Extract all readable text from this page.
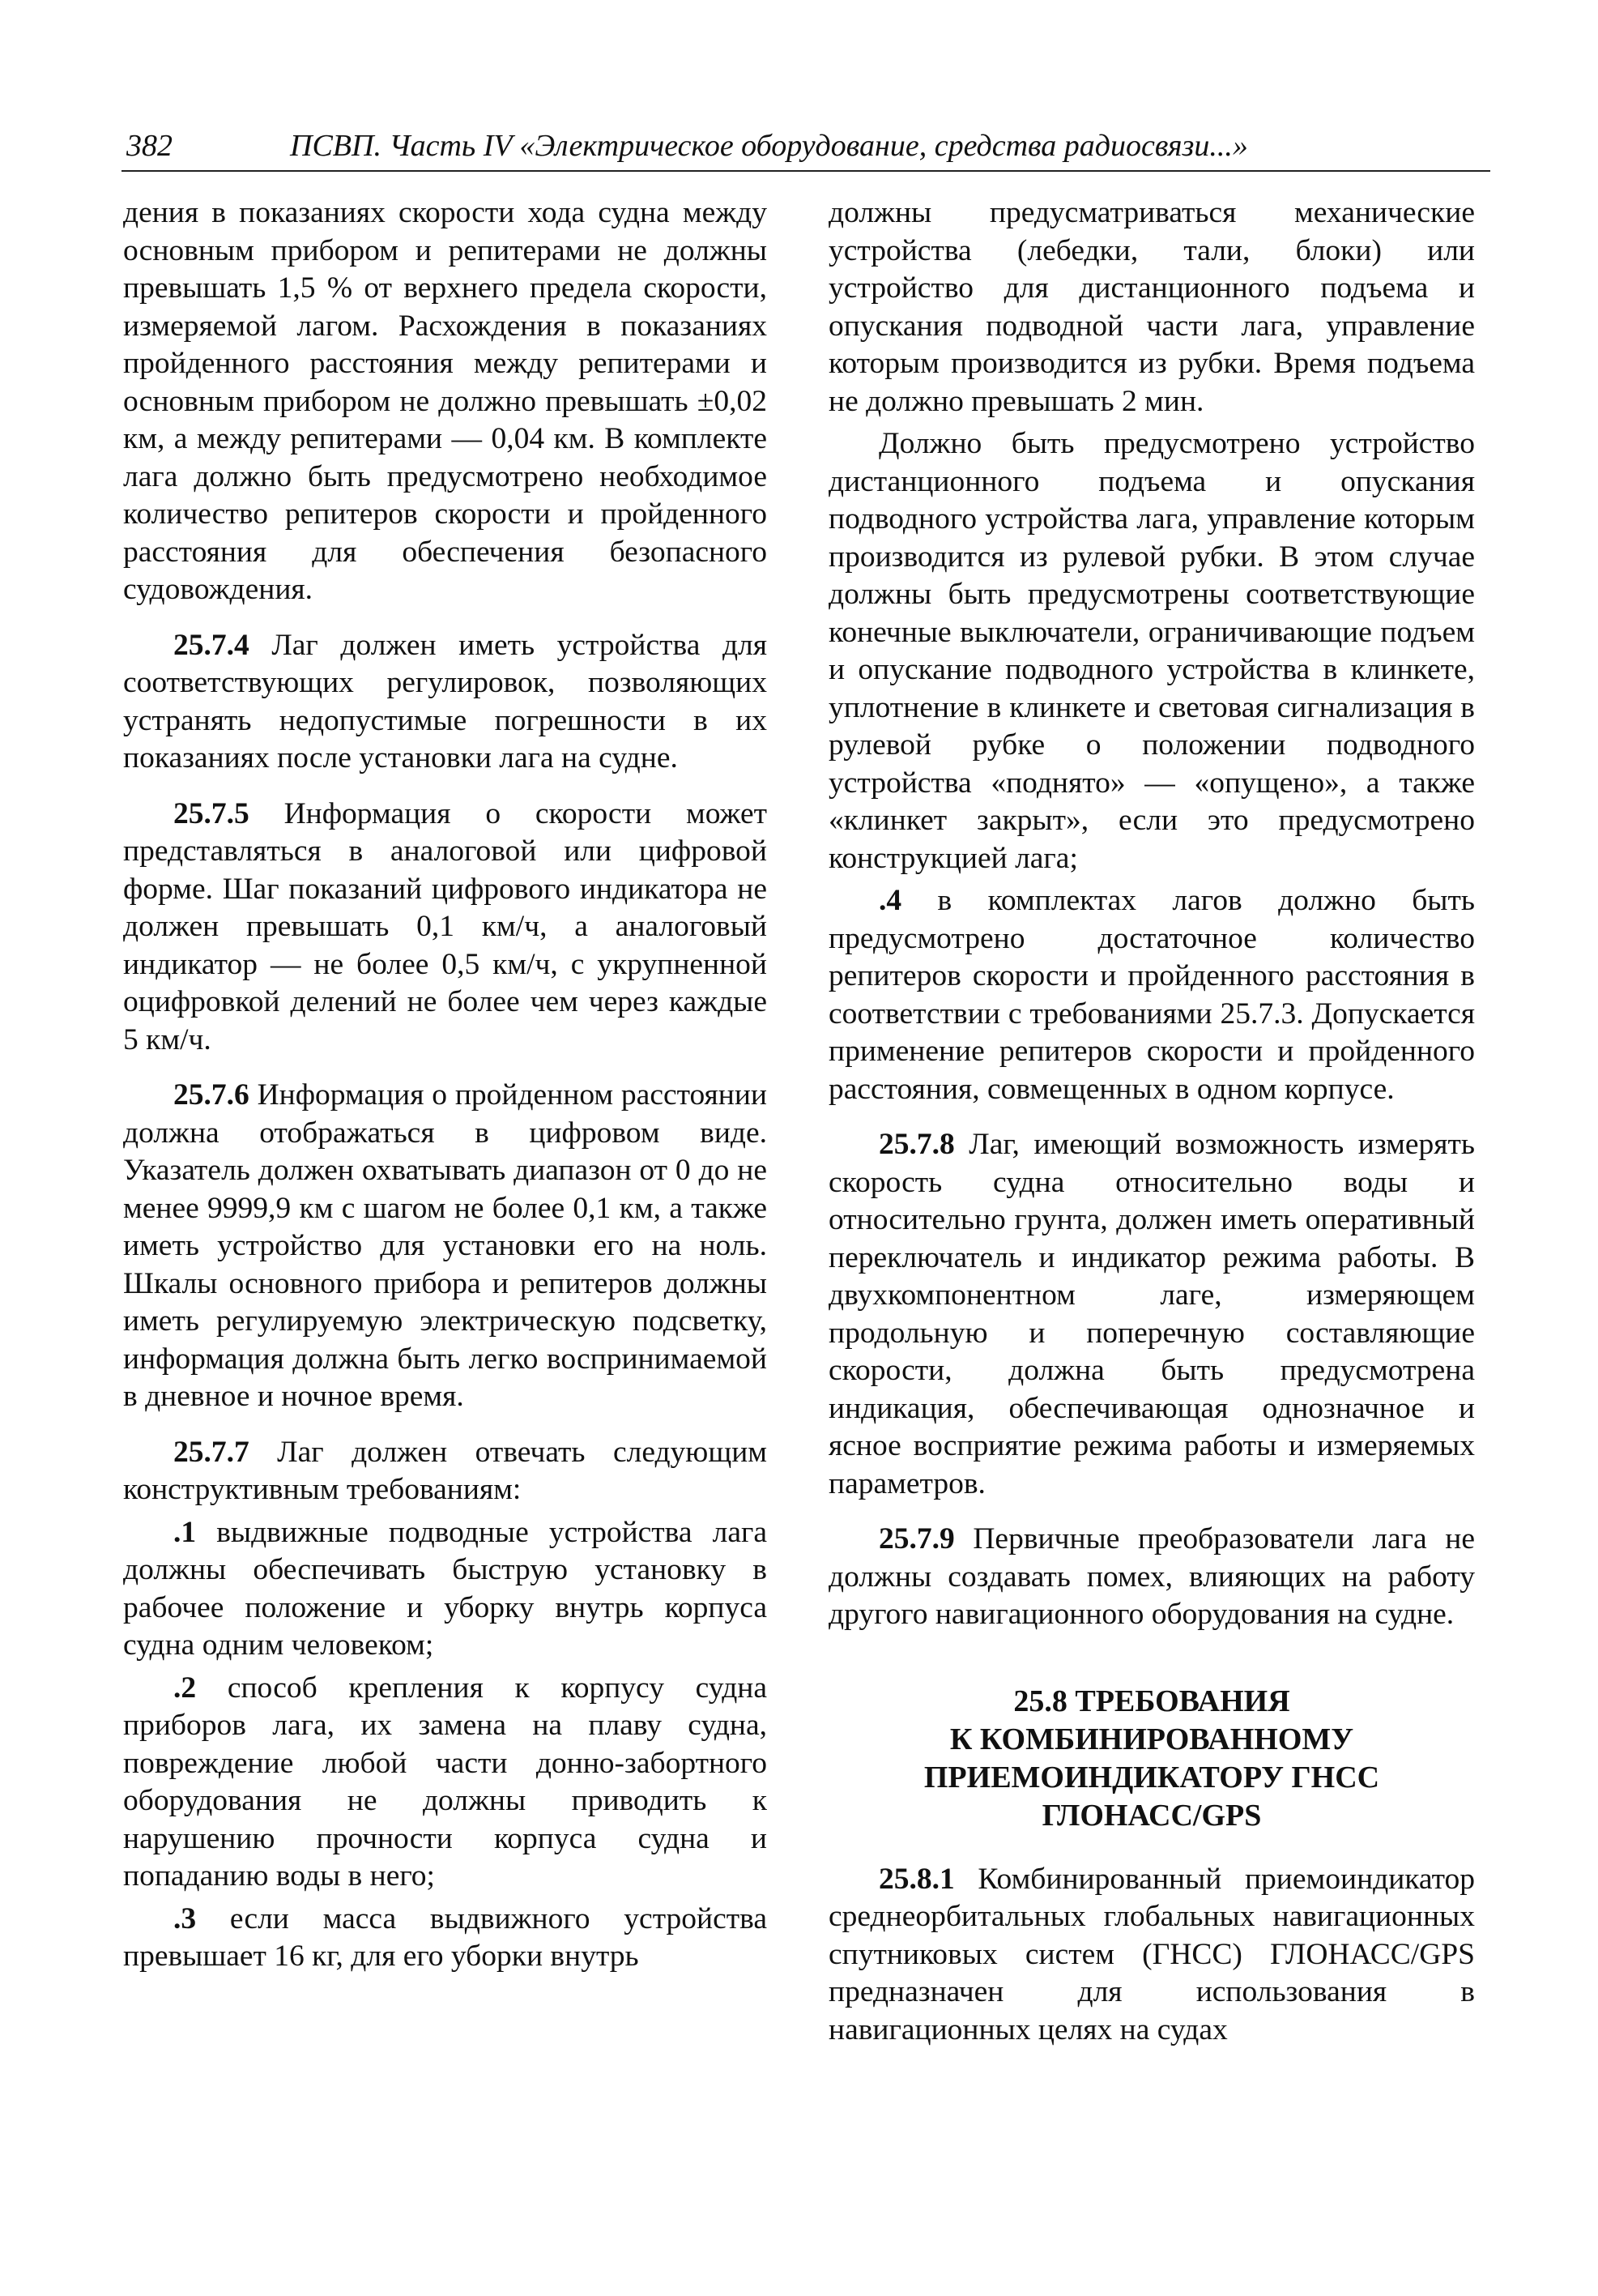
382	ПСВП. Часть IV «Электрическое оборудование, средства радиосвязи...»

дения в показаниях скорости хода судна между основным прибором и репитерами не должны превышать 1,5 % от верхнего предела скорости, измеряемой лагом. Расхождения в показаниях пройденного расстояния между репитерами и основным прибором не должно превышать ±0,02 км, а между репитерами — 0,04 км. В комплекте лага должно быть предусмотрено необходимое количество репитеров скорости и пройденного расстояния для обеспечения безопасного судовождения.

25.7.4 Лаг должен иметь устройства для соответствующих регулировок, позволяющих устранять недопустимые погрешности в их показаниях после установки лага на судне.

25.7.5 Информация о скорости может представляться в аналоговой или цифровой форме. Шаг показаний цифрового индикатора не должен превышать 0,1 км/ч, а аналоговый индикатор — не более 0,5 км/ч, с укрупненной оцифровкой делений не более чем через каждые 5 км/ч.

25.7.6 Информация о пройденном расстоянии должна отображаться в цифровом виде. Указатель должен охватывать диапазон от 0 до не менее 9999,9 км с шагом не более 0,1 км, а также иметь устройство для установки его на ноль. Шкалы основного прибора и репитеров должны иметь регулируемую электрическую подсветку, информация должна быть легко воспринимаемой в дневное и ночное время.

25.7.7 Лаг должен отвечать следующим конструктивным требованиям:

.1 выдвижные подводные устройства лага должны обеспечивать быструю установку в рабочее положение и уборку внутрь корпуса судна одним человеком;

.2 способ крепления к корпусу судна приборов лага, их замена на плаву судна, повреждение любой части донно-забортного оборудования не должны приводить к нарушению прочности корпуса судна и попаданию воды в него;

.3 если масса выдвижного устройства превышает 16 кг, для его уборки внутрь

должны предусматриваться механические устройства (лебедки, тали, блоки) или устройство для дистанционного подъема и опускания подводной части лага, управление которым производится из рубки. Время подъема не должно превышать 2 мин.

Должно быть предусмотрено устройство дистанционного подъема и опускания подводного устройства лага, управление которым производится из рулевой рубки. В этом случае должны быть предусмотрены соответствующие конечные выключатели, ограничивающие подъем и опускание подводного устройства в клинкете, уплотнение в клинкете и световая сигнализация в рулевой рубке о положении подводного устройства «поднято» — «опущено», а также «клинкет закрыт», если это предусмотрено конструкцией лага;

.4 в комплектах лагов должно быть предусмотрено достаточное количество репитеров скорости и пройденного расстояния в соответствии с требованиями 25.7.3. Допускается применение репитеров скорости и пройденного расстояния, совмещенных в одном корпусе.

25.7.8 Лаг, имеющий возможность измерять скорость судна относительно воды и относительно грунта, должен иметь оперативный переключатель и индикатор режима работы. В двухкомпонентном лаге, измеряющем продольную и поперечную составляющие скорости, должна быть предусмотрена индикация, обеспечивающая однозначное и ясное восприятие режима работы и измеряемых параметров.

25.7.9 Первичные преобразователи лага не должны создавать помех, влияющих на работу другого навигационного оборудования на судне.

25.8 ТРЕБОВАНИЯ
К КОМБИНИРОВАННОМУ
ПРИЕМОИНДИКАТОРУ ГНСС
ГЛОНАСС/GPS

25.8.1 Комбинированный приемоиндикатор среднеорбитальных глобальных навигационных спутниковых систем (ГНСС) ГЛОНАСС/GPS предназначен для использования в навигационных целях на судах
